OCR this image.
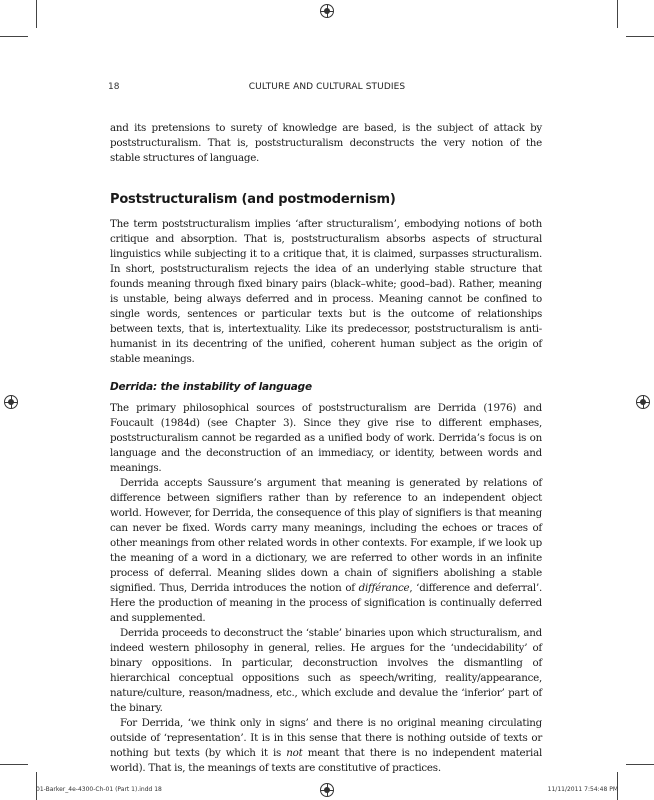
18	CULTURE AND CULTURAL STUDIES

and its pretensions to surety of knowledge are based, is the subject of attack by poststructuralism. That is, poststructuralism deconstructs the very notion of the stable structures of language.

Poststructuralism (and postmodernism)

The term poststructuralism implies ‘after structuralism’, embodying notions of both critique and absorption. That is, poststructuralism absorbs aspects of structural linguistics while subjecting it to a critique that, it is claimed, surpasses structuralism. In short, poststructuralism rejects the idea of an underlying stable structure that founds meaning through fixed binary pairs (black–white; good–bad). Rather, meaning is unstable, being always deferred and in process. Meaning cannot be confined to single words, sentences or particular texts but is the outcome of relationships between texts, that is, intertextuality. Like its predecessor, poststructuralism is anti-humanist in its decentring of the unified, coherent human subject as the origin of stable meanings.

Derrida: the instability of language

The primary philosophical sources of poststructuralism are Derrida (1976) and Foucault (1984d) (see Chapter 3). Since they give rise to different emphases, poststructuralism cannot be regarded as a unified body of work. Derrida’s focus is on language and the deconstruction of an immediacy, or identity, between words and meanings.

Derrida accepts Saussure’s argument that meaning is generated by relations of difference between signifiers rather than by reference to an independent object world. However, for Derrida, the consequence of this play of signifiers is that meaning can never be fixed. Words carry many meanings, including the echoes or traces of other meanings from other related words in other contexts. For example, if we look up the meaning of a word in a dictionary, we are referred to other words in an infinite process of deferral. Meaning slides down a chain of signifiers abolishing a stable signified. Thus, Derrida introduces the notion of différance, ‘difference and deferral’. Here the production of meaning in the process of signification is continually deferred and supplemented.

Derrida proceeds to deconstruct the ‘stable’ binaries upon which structuralism, and indeed western philosophy in general, relies. He argues for the ‘undecidability’ of binary oppositions. In particular, deconstruction involves the dismantling of hierarchical conceptual oppositions such as speech/writing, reality/appearance, nature/culture, reason/madness, etc., which exclude and devalue the ‘inferior’ part of the binary.

For Derrida, ‘we think only in signs’ and there is no original meaning circulating outside of ‘representation’. It is in this sense that there is nothing outside of texts or nothing but texts (by which it is not meant that there is no independent material world). That is, the meanings of texts are constitutive of practices.

01-Barker_4e-4300-Ch-01 (Part 1).indd 18	11/11/2011 7:54:48 PM
